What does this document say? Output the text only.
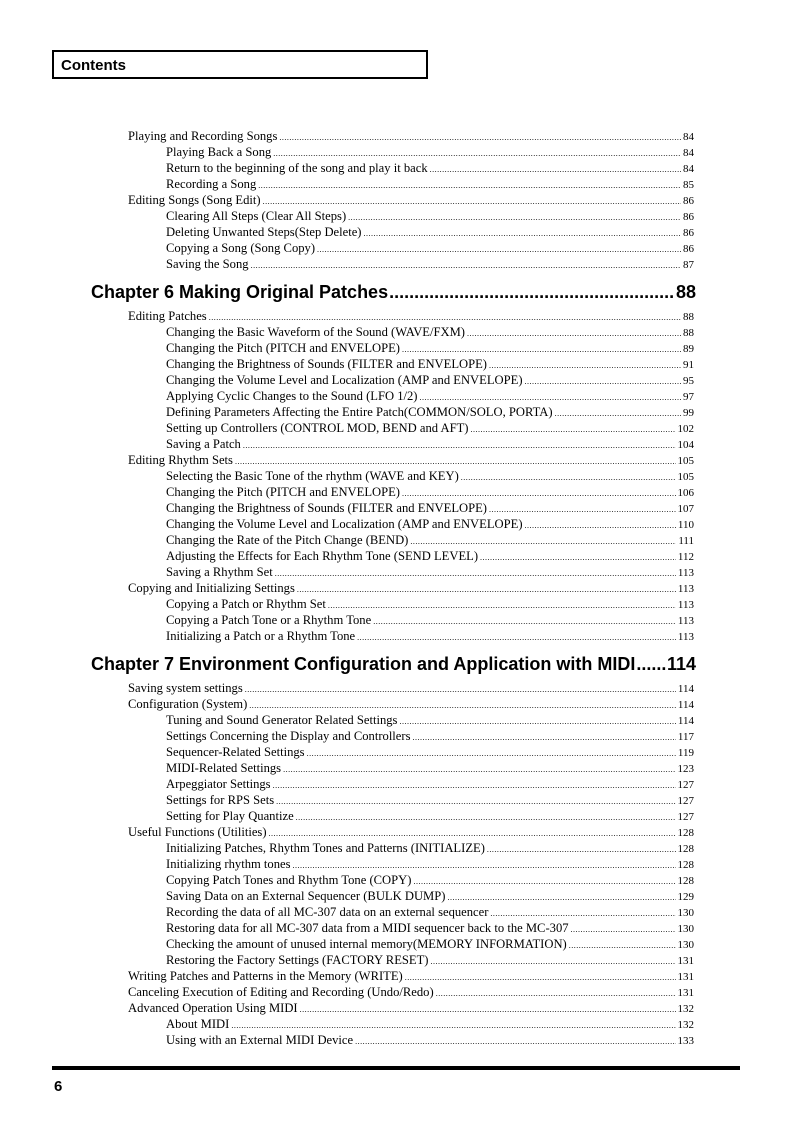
Contents
Playing and Recording Songs .....	84
Playing Back a Song .....	84
Return to the beginning of the song and play it back .....	84
Recording a Song .....	85
Editing Songs (Song Edit) .....	86
Clearing All Steps (Clear All Steps) .....	86
Deleting Unwanted Steps(Step Delete) .....	86
Copying a Song (Song Copy) .....	86
Saving the Song .....	87
Chapter 6 Making Original Patches .....	88
Editing Patches .....	88
Changing the Basic Waveform of the Sound (WAVE/FXM) .....	88
Changing the Pitch (PITCH and ENVELOPE) .....	89
Changing the Brightness of Sounds (FILTER and ENVELOPE) .....	91
Changing the Volume Level and Localization (AMP and ENVELOPE) .....	95
Applying Cyclic Changes to the Sound (LFO 1/2) .....	97
Defining Parameters Affecting the Entire Patch(COMMON/SOLO, PORTA) .....	99
Setting up Controllers (CONTROL MOD, BEND and AFT) .....	102
Saving a Patch .....	104
Editing Rhythm Sets .....	105
Selecting the Basic Tone of the rhythm (WAVE and KEY) .....	105
Changing the Pitch (PITCH and ENVELOPE) .....	106
Changing the Brightness of Sounds (FILTER and ENVELOPE) .....	107
Changing the Volume Level and Localization (AMP and ENVELOPE) .....	110
Changing the Rate of the Pitch Change (BEND) .....	111
Adjusting the Effects for Each Rhythm Tone (SEND LEVEL) .....	112
Saving a Rhythm Set .....	113
Copying and Initializing Settings .....	113
Copying a Patch or Rhythm Set .....	113
Copying a Patch Tone or a Rhythm Tone .....	113
Initializing a Patch or a Rhythm Tone .....	113
Chapter 7 Environment Configuration and Application with MIDI ..... 114
Saving system settings .....	114
Configuration (System) .....	114
Tuning and Sound Generator Related Settings .....	114
Settings Concerning the Display and Controllers .....	117
Sequencer-Related Settings .....	119
MIDI-Related Settings .....	123
Arpeggiator Settings .....	127
Settings for RPS Sets .....	127
Setting for Play Quantize .....	127
Useful Functions (Utilities) .....	128
Initializing Patches, Rhythm Tones and Patterns (INITIALIZE) .....	128
Initializing rhythm tones .....	128
Copying Patch Tones and Rhythm Tone (COPY) .....	128
Saving Data on an External Sequencer (BULK DUMP) .....	129
Recording the data of all MC-307 data on an external sequencer .....	130
Restoring data for all MC-307 data from a MIDI sequencer back to the MC-307 .....	130
Checking the amount of unused internal memory(MEMORY INFORMATION) .....	130
Restoring the Factory Settings (FACTORY RESET) .....	131
Writing Patches and Patterns in the Memory (WRITE) .....	131
Canceling Execution of Editing and Recording (Undo/Redo) .....	131
Advanced Operation Using MIDI .....	132
About MIDI .....	132
Using with an External MIDI Device .....	133
6
